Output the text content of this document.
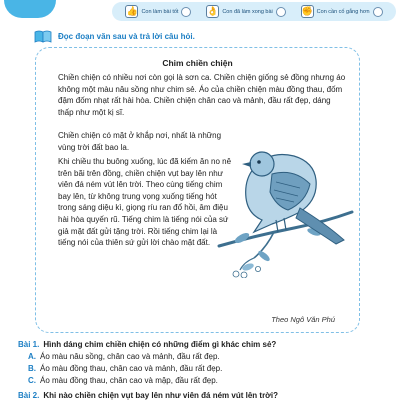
👍 Con làm bài tốt	👌 Con đã làm xong bài	✊ Con cần cố gắng hơn
Đọc đoạn văn sau và trả lời câu hỏi.
Chim chiền chiện

Chiền chiện có nhiều nơi còn gọi là sơn ca. Chiền chiện giống sẻ đồng nhưng áo không một màu nâu sồng như chim sẻ. Áo của chiền chiện màu đồng thau, đốm đậm đốm nhạt rất hài hòa. Chiền chiện chân cao và mảnh, đầu rất đẹp, dáng thấp như một kị sĩ.

Chiền chiện có mặt ở khắp nơi, nhất là những vùng trời đất bao la.

Khi chiều thu buông xuống, lúc đã kiếm ăn no nê trên bãi trên đồng, chiền chiện vụt bay lên như viên đá ném vút lên trời. Theo cùng tiếng chim bay lên, từ không trung vọng xuống tiếng hót trong sáng diệu kì, giọng ríu ran đổ hồi, âm điệu hài hòa quyến rũ. Tiếng chim là tiếng nói của sứ giả mặt đất gửi tặng trời. Rồi tiếng chim lại là tiếng nói của thiên sứ gửi lời chào mặt đất.

Theo Ngô Văn Phú
Bài 1. Hình dáng chim chiền chiện có những điểm gì khác chim sẻ?
A. Áo màu nâu sồng, chân cao và mảnh, đầu rất đẹp.
B. Áo màu đồng thau, chân cao và mảnh, đầu rất đẹp.
C. Áo màu đồng thau, chân cao và mập, đầu rất đẹp.
Bài 2. Khi nào chiền chiện vụt bay lên như viên đá ném vút lên trời?
